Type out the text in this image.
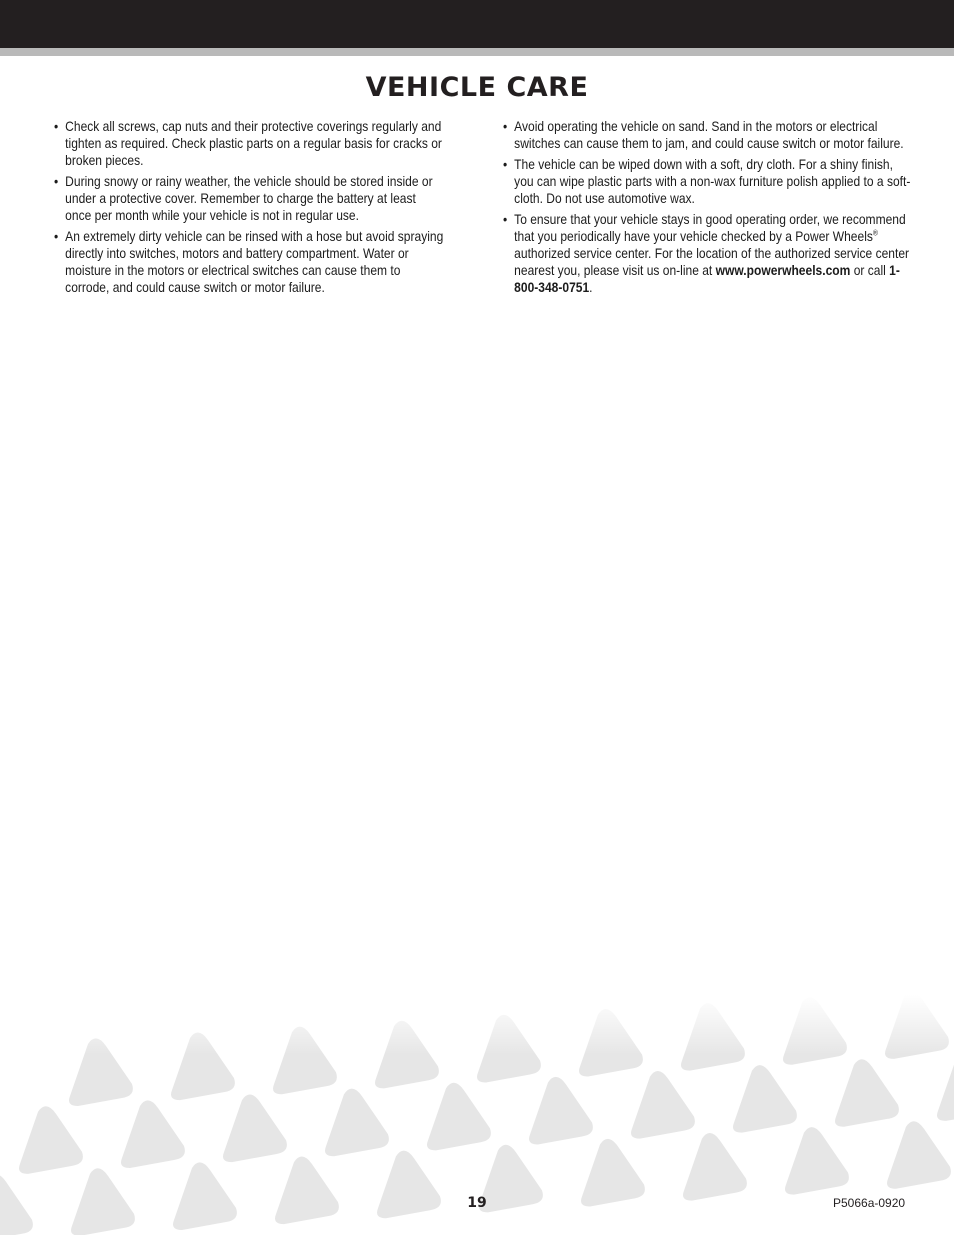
VEHICLE CARE
• Check all screws, cap nuts and their protective coverings regularly and tighten as required. Check plastic parts on a regular basis for cracks or broken pieces.
• During snowy or rainy weather, the vehicle should be stored inside or under a protective cover. Remember to charge the battery at least once per month while your vehicle is not in regular use.
• An extremely dirty vehicle can be rinsed with a hose but avoid spraying directly into switches, motors and battery compartment. Water or moisture in the motors or electrical switches can cause them to corrode, and could cause switch or motor failure.
• Avoid operating the vehicle on sand. Sand in the motors or electrical switches can cause them to jam, and could cause switch or motor failure.
• The vehicle can be wiped down with a soft, dry cloth. For a shiny finish, you can wipe plastic parts with a non-wax furniture polish applied to a soft-cloth. Do not use automotive wax.
• To ensure that your vehicle stays in good operating order, we recommend that you periodically have your vehicle checked by a Power Wheels® authorized service center. For the location of the authorized service center nearest you, please visit us on-line at www.powerwheels.com or call 1-800-348-0751.
19	P5066a-0920
